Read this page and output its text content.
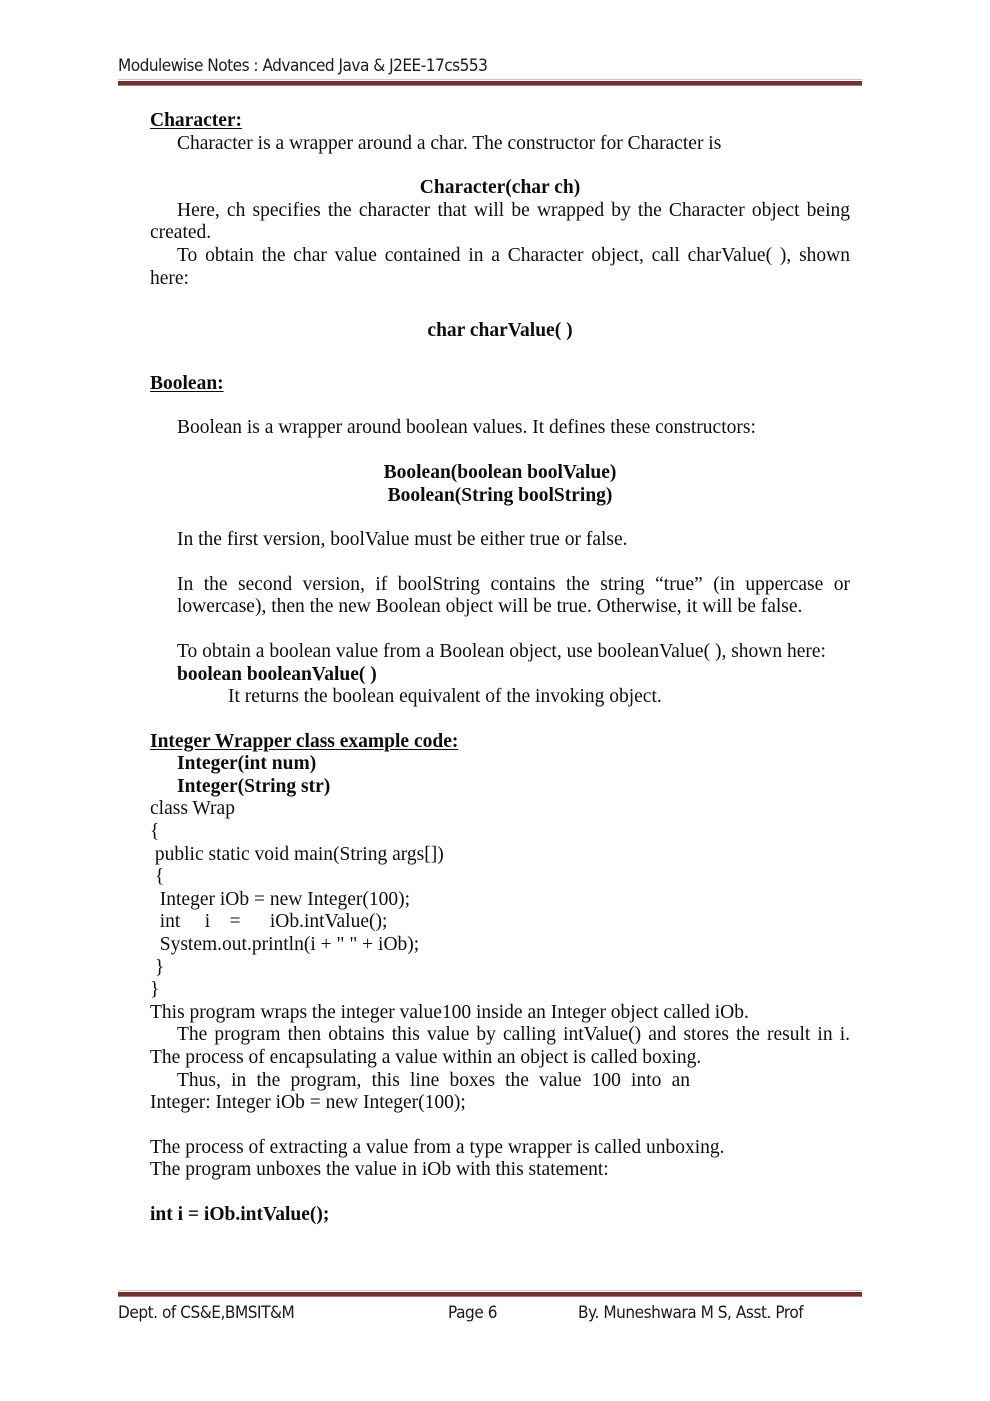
Modulewise Notes : Advanced Java & J2EE-17cs553
Character:
Character is a wrapper around a char. The constructor for Character is
Character(char ch)
Here, ch specifies the character that will be wrapped by the Character object being created.
To obtain the char value contained in a Character object, call charValue( ), shown here:
char charValue( )
Boolean:
Boolean is a wrapper around boolean values. It defines these constructors:
Boolean(boolean boolValue)
Boolean(String boolString)
In the first version, boolValue must be either true or false.
In the second version, if boolString contains the string “true” (in uppercase or lowercase), then the new Boolean object will be true. Otherwise, it will be false.
To obtain a boolean value from a Boolean object, use booleanValue( ), shown here:
boolean booleanValue( )
It returns the boolean equivalent of the invoking object.
Integer Wrapper class example code:
Integer(int num)
Integer(String str)
class Wrap
{
public static void main(String args[])
{
Integer iOb = new Integer(100);
int     i    =      iOb.intValue();
System.out.println(i + " " + iOb);
}
}
This program wraps the integer value100 inside an Integer object called iOb.
The program then obtains this value by calling intValue() and stores the result in i. The process of encapsulating a value within an object is called boxing.
Thus, in the program, this line boxes the value 100 into an
Integer: Integer iOb = new Integer(100);
The process of extracting a value from a type wrapper is called unboxing.
The program unboxes the value in iOb with this statement:
int i = iOb.intValue();
Dept. of CS&E,BMSIT&M	Page 6	By. Muneshwara M S, Asst. Prof
